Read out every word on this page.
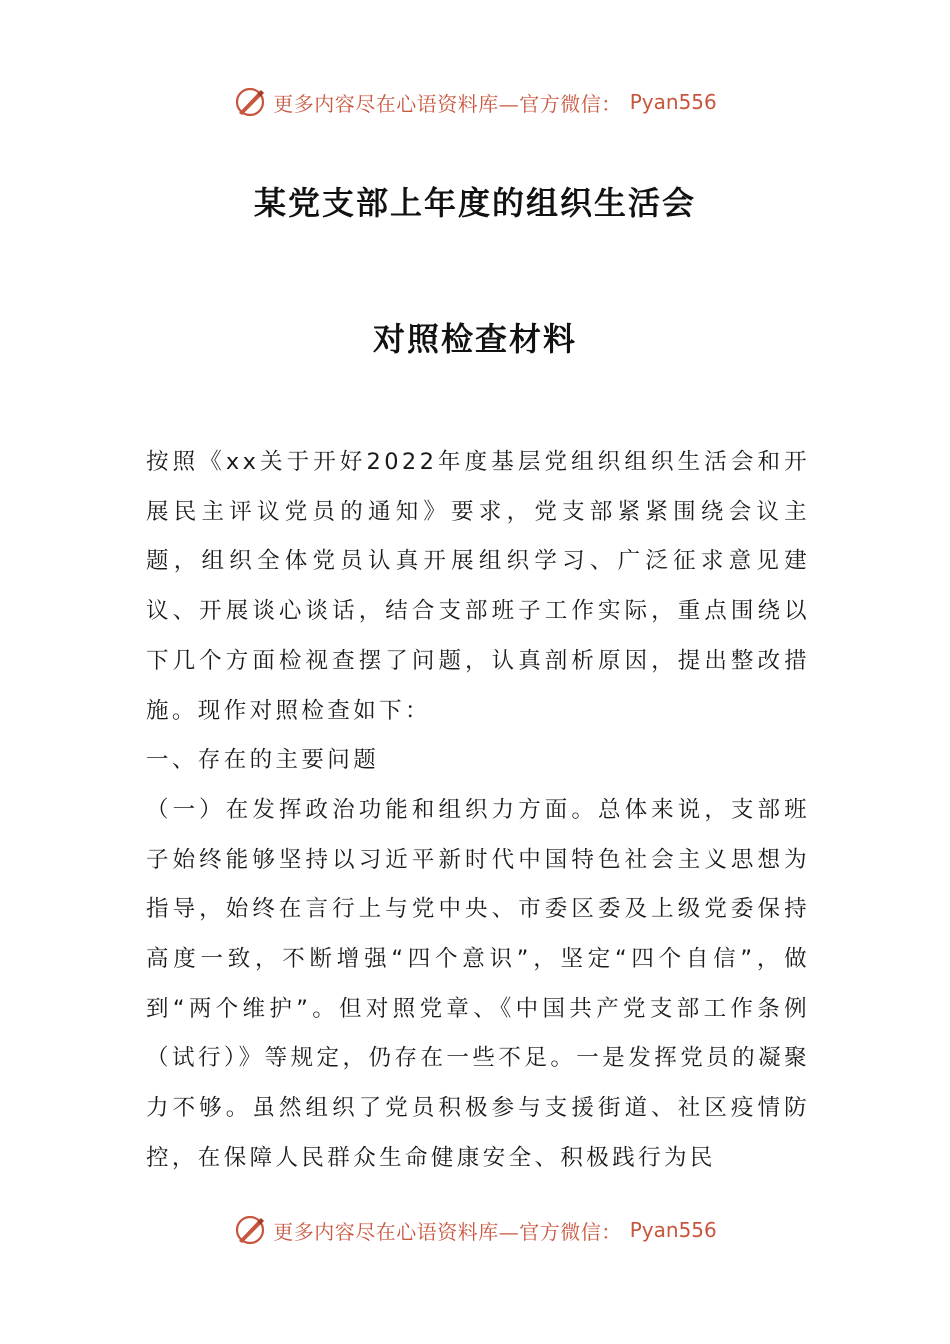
更多内容尽在心语资料库—官方微信： Pyan556
某党支部上年度的组织生活会
对照检查材料

按照《xx关于开好2022年度基层党组织组织生活会和开展民主评议党员的通知》要求，党支部紧紧围绕会议主题，组织全体党员认真开展组织学习、广泛征求意见建议、开展谈心谈话，结合支部班子工作实际，重点围绕以下几个方面检视查摆了问题，认真剖析原因，提出整改措施。现作对照检查如下：

一、存在的主要问题

（一）在发挥政治功能和组织力方面。总体来说，支部班子始终能够坚持以习近平新时代中国特色社会主义思想为指导，始终在言行上与党中央、市委区委及上级党委保持高度一致，不断增强“四个意识”，坚定“四个自信”，做到“两个维护”。但对照党章、《中国共产党支部工作条例（试行）》等规定，仍存在一些不足。一是发挥党员的凝聚力不够。虽然组织了党员积极参与支援街道、社区疫情防控，在保障人民群众生命健康安全、积极践行为民

更多内容尽在心语资料库—官方微信： Pyan556
